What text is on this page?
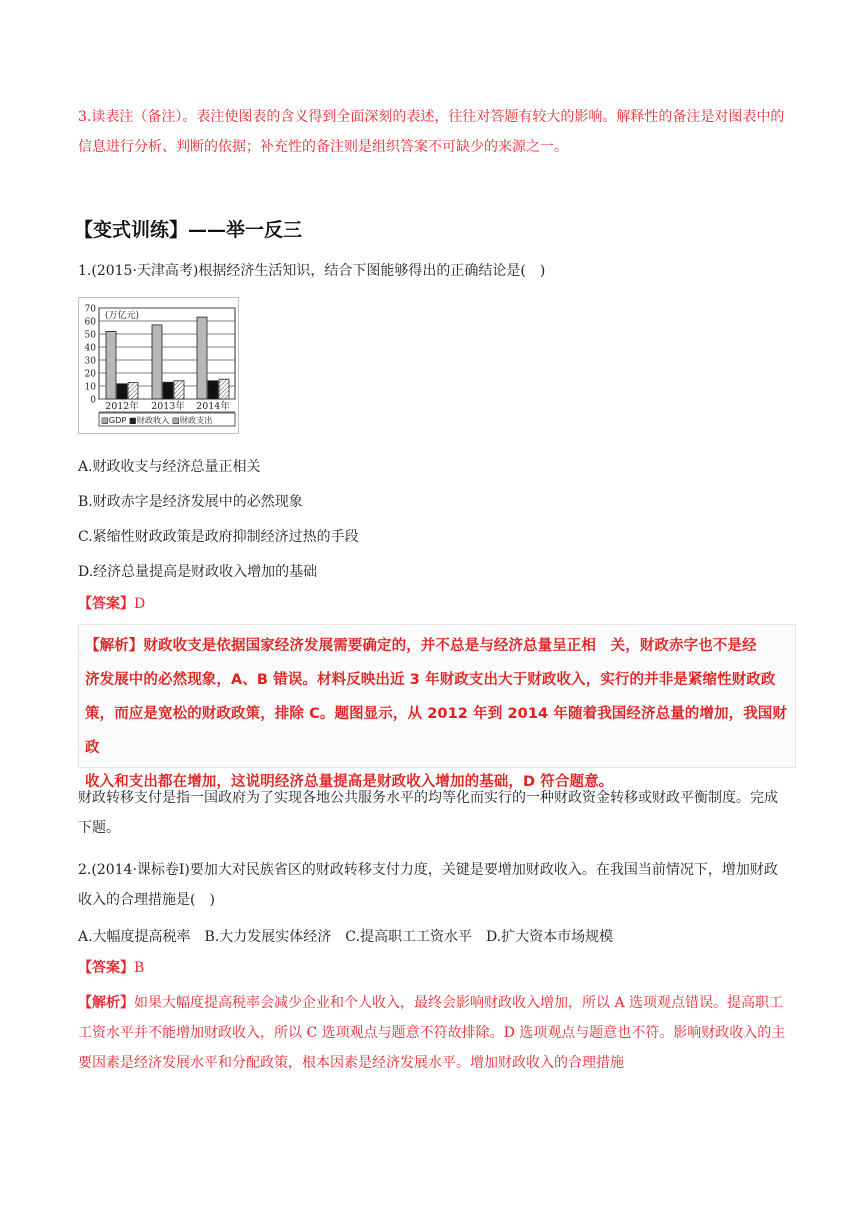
3.读表注（备注）。表注使图表的含义得到全面深刻的表述，往往对答题有较大的影响。解释性的备注是对图表中的信息进行分析、判断的依据；补充性的备注则是组织答案不可缺少的来源之一。
【变式训练】——举一反三
1.(2015·天津高考)根据经济生活知识，结合下图能够得出的正确结论是(　)
0
10
20
30
40
50
60
70
(万亿元)
2012年 2013年 2014年
▨GDP ■财政收入 ▨财政支出
A.财政收支与经济总量正相关
B.财政赤字是经济发展中的必然现象
C.紧缩性财政政策是政府抑制经济过热的手段
D.经济总量提高是财政收入增加的基础
【答案】D

【解析】财政收支是依据国家经济发展需要确定的，并不总是与经济总量呈正相　关，财政赤字也不是经

济发展中的必然现象，A、B 错误。材料反映出近 3 年财政支出大于财政收入，实行的并非是紧缩性财政政

策，而应是宽松的财政政策，排除 C。题图显示，从 2012 年到 2014 年随着我国经济总量的增加，我国财政

收入和支出都在增加，这说明经济总量提高是财政收入增加的基础，D 符合题意。

财政转移支付是指一国政府为了实现各地公共服务水平的均等化而实行的一种财政资金转移或财政平衡制度。完成下题。
2.(2014·课标卷Ⅰ)要加大对民族省区的财政转移支付力度，关键是要增加财政收入。在我国当前情况下，增加财政收入的合理措施是(　)
A.大幅度提高税率　B.大力发展实体经济　C.提高职工工资水平　D.扩大资本市场规模
【答案】B
【解析】如果大幅度提高税率会减少企业和个人收入，最终会影响财政收入增加，所以 A 选项观点错误。提高职工工资水平并不能增加财政收入，所以 C 选项观点与题意不符故排除。D 选项观点与题意也不符。影响财政收入的主要因素是经济发展水平和分配政策，根本因素是经济发展水平。增加财政收入的合理措施
